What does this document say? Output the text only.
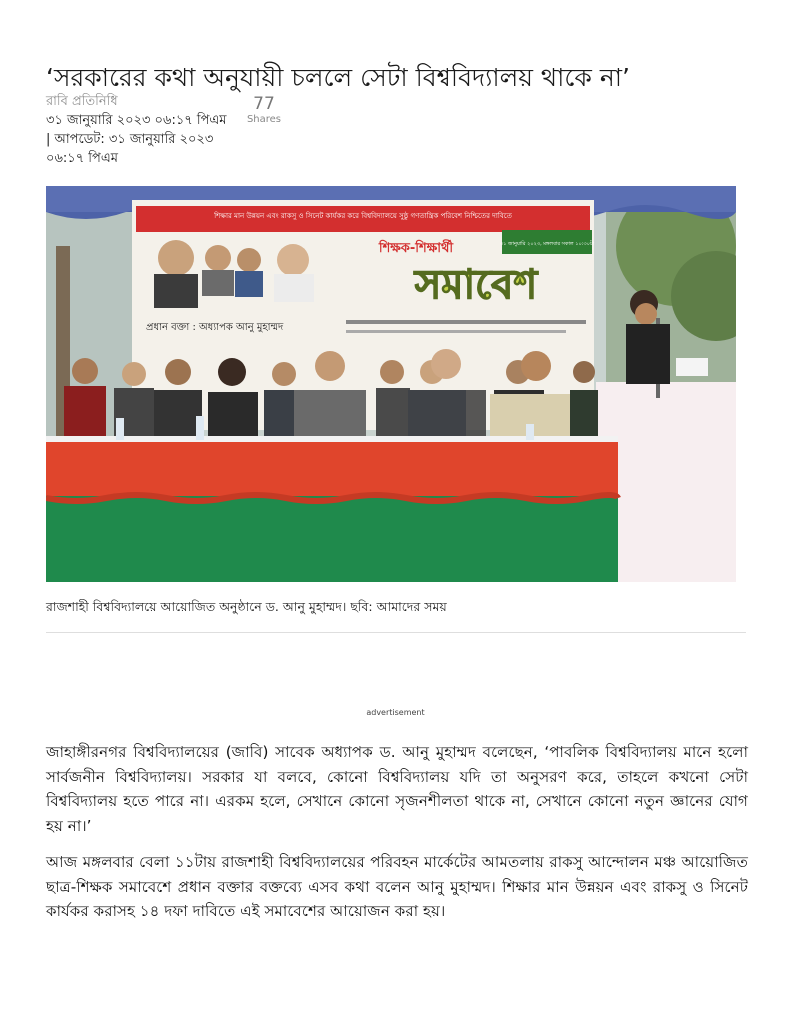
‘সরকারের কথা অনুযায়ী চললে সেটা বিশ্ববিদ্যালয় থাকে না’
রাবি প্রতিনিধি
৩১ জানুয়ারি ২০২৩ ০৬:১৭ পিএম | আপডেট: ৩১ জানুয়ারি ২০২৩ ০৬:১৭ পিএম
77
Shares
শিক্ষার মান উন্নয়ন এবং রাকসু ও সিনেট কার্যকর করে বিশ্ববিদ্যালয়ে সুষ্ঠু গণতান্ত্রিক পরিবেশ নিশ্চিতের দাবিতে
শিক্ষক-শিক্ষার্থী
সমাবেশ
৩১ জানুয়ারি ২০২৩, মঙ্গলবার সকাল ১০:৩০টা
প্রধান বক্তা : অধ্যাপক আনু মুহাম্মদ
রাজশাহী বিশ্ববিদ্যালয়ে আয়োজিত অনুষ্ঠানে ড. আনু মুহাম্মদ। ছবি: আমাদের সময়
advertisement

জাহাঙ্গীরনগর বিশ্ববিদ্যালয়ের (জাবি) সাবেক অধ্যাপক ড. আনু মুহাম্মদ বলেছেন, ‘পাবলিক বিশ্ববিদ্যালয় মানে হলো সার্বজনীন বিশ্ববিদ্যালয়। সরকার যা বলবে, কোনো বিশ্ববিদ্যালয় যদি তা অনুসরণ করে, তাহলে কখনো সেটা বিশ্ববিদ্যালয় হতে পারে না। এরকম হলে, সেখানে কোনো সৃজনশীলতা থাকে না, সেখানে কোনো নতুন জ্ঞানের যোগ হয় না।’

আজ মঙ্গলবার বেলা ১১টায় রাজশাহী বিশ্ববিদ্যালয়ের পরিবহন মার্কেটের আমতলায় রাকসু আন্দোলন মঞ্চ আয়োজিত ছাত্র-শিক্ষক সমাবেশে প্রধান বক্তার বক্তব্যে এসব কথা বলেন আনু মুহাম্মদ। শিক্ষার মান উন্নয়ন এবং রাকসু ও সিনেট কার্যকর করাসহ ১৪ দফা দাবিতে এই সমাবেশের আয়োজন করা হয়।
